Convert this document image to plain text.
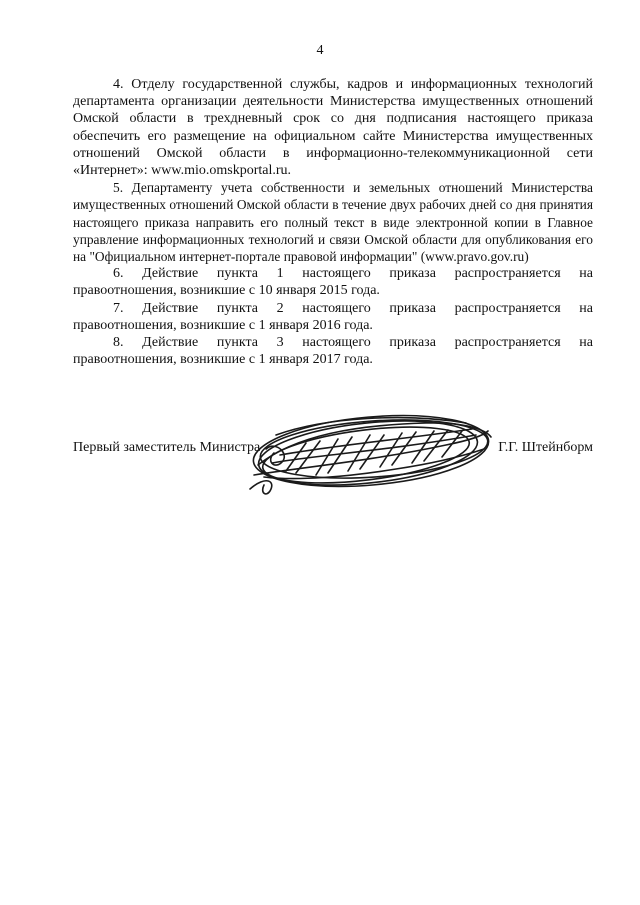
4

4. Отделу государственной службы, кадров и информационных технологий департамента организации деятельности Министерства имущественных отношений Омской области в трехдневный срок со дня подписания настоящего приказа обеспечить его размещение на официальном сайте Министерства имущественных отношений Омской области в информационно-телекоммуникационной сети «Интернет»: www.mio.omskportal.ru.

5. Департаменту учета собственности и земельных отношений Министерства имущественных отношений Омской области в течение двух рабочих дней со дня принятия настоящего приказа направить его полный текст в виде электронной копии в Главное управление информационных технологий и связи Омской области для опубликования его на "Официальном интернет-портале правовой информации" (www.pravo.gov.ru)

6. Действие пункта 1 настоящего приказа распространяется на правоотношения, возникшие с 10 января 2015 года.

7. Действие пункта 2 настоящего приказа распространяется на правоотношения, возникшие с 1 января 2016 года.

8. Действие пункта 3 настоящего приказа распространяется на правоотношения, возникшие с 1 января 2017 года.

Первый заместитель Министра	Г.Г. Штейнборм
